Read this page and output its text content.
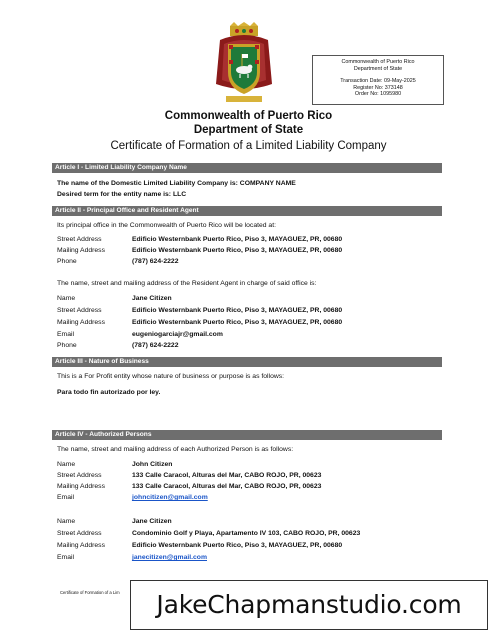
Commonwealth of Puerto Rico
Department of State
Transaction Date: 09-May-2025
Register No: 373148
Order No: 1095980
Commonwealth of Puerto Rico
Department of State
Certificate of Formation of a Limited Liability Company
Article I - Limited Liability Company Name
The name of the Domestic Limited Liability Company is: COMPANY NAME
Desired term for the entity name is: LLC
Article II - Principal Office and Resident Agent
Its principal office in the Commonwealth of Puerto Rico will be located at:
Street Address	Edificio Westernbank Puerto Rico, Piso 3, MAYAGUEZ, PR, 00680
Mailing Address	Edificio Westernbank Puerto Rico, Piso 3, MAYAGUEZ, PR, 00680
Phone	(787) 624-2222
The name, street and mailing address of the Resident Agent in charge of said office is:
Name	Jane Citizen
Street Address	Edificio Westernbank Puerto Rico, Piso 3, MAYAGUEZ, PR, 00680
Mailing Address	Edificio Westernbank Puerto Rico, Piso 3, MAYAGUEZ, PR, 00680
Email	eugeniogarciajr@gmail.com
Phone	(787) 624-2222
Article III - Nature of Business
This is a For Profit entity whose nature of business or purpose is as follows:
Para todo fin autorizado por ley.
Article IV - Authorized Persons
The name, street and mailing address of each Authorized Person is as follows:
Name	John Citizen
Street Address	133 Calle Caracol, Alturas del Mar, CABO ROJO, PR, 00623
Mailing Address	133 Calle Caracol, Alturas del Mar, CABO ROJO, PR, 00623
Email	johncitizen@gmail.com
Name	Jane Citizen
Street Address	Condominio Golf y Playa, Apartamento IV 103, CABO ROJO, PR, 00623
Mailing Address	Edificio Westernbank Puerto Rico, Piso 3, MAYAGUEZ, PR, 00680
Email	janecitizen@gmail.com
Certificate of Formation of a Lim	JakeChapmanstudio.com
